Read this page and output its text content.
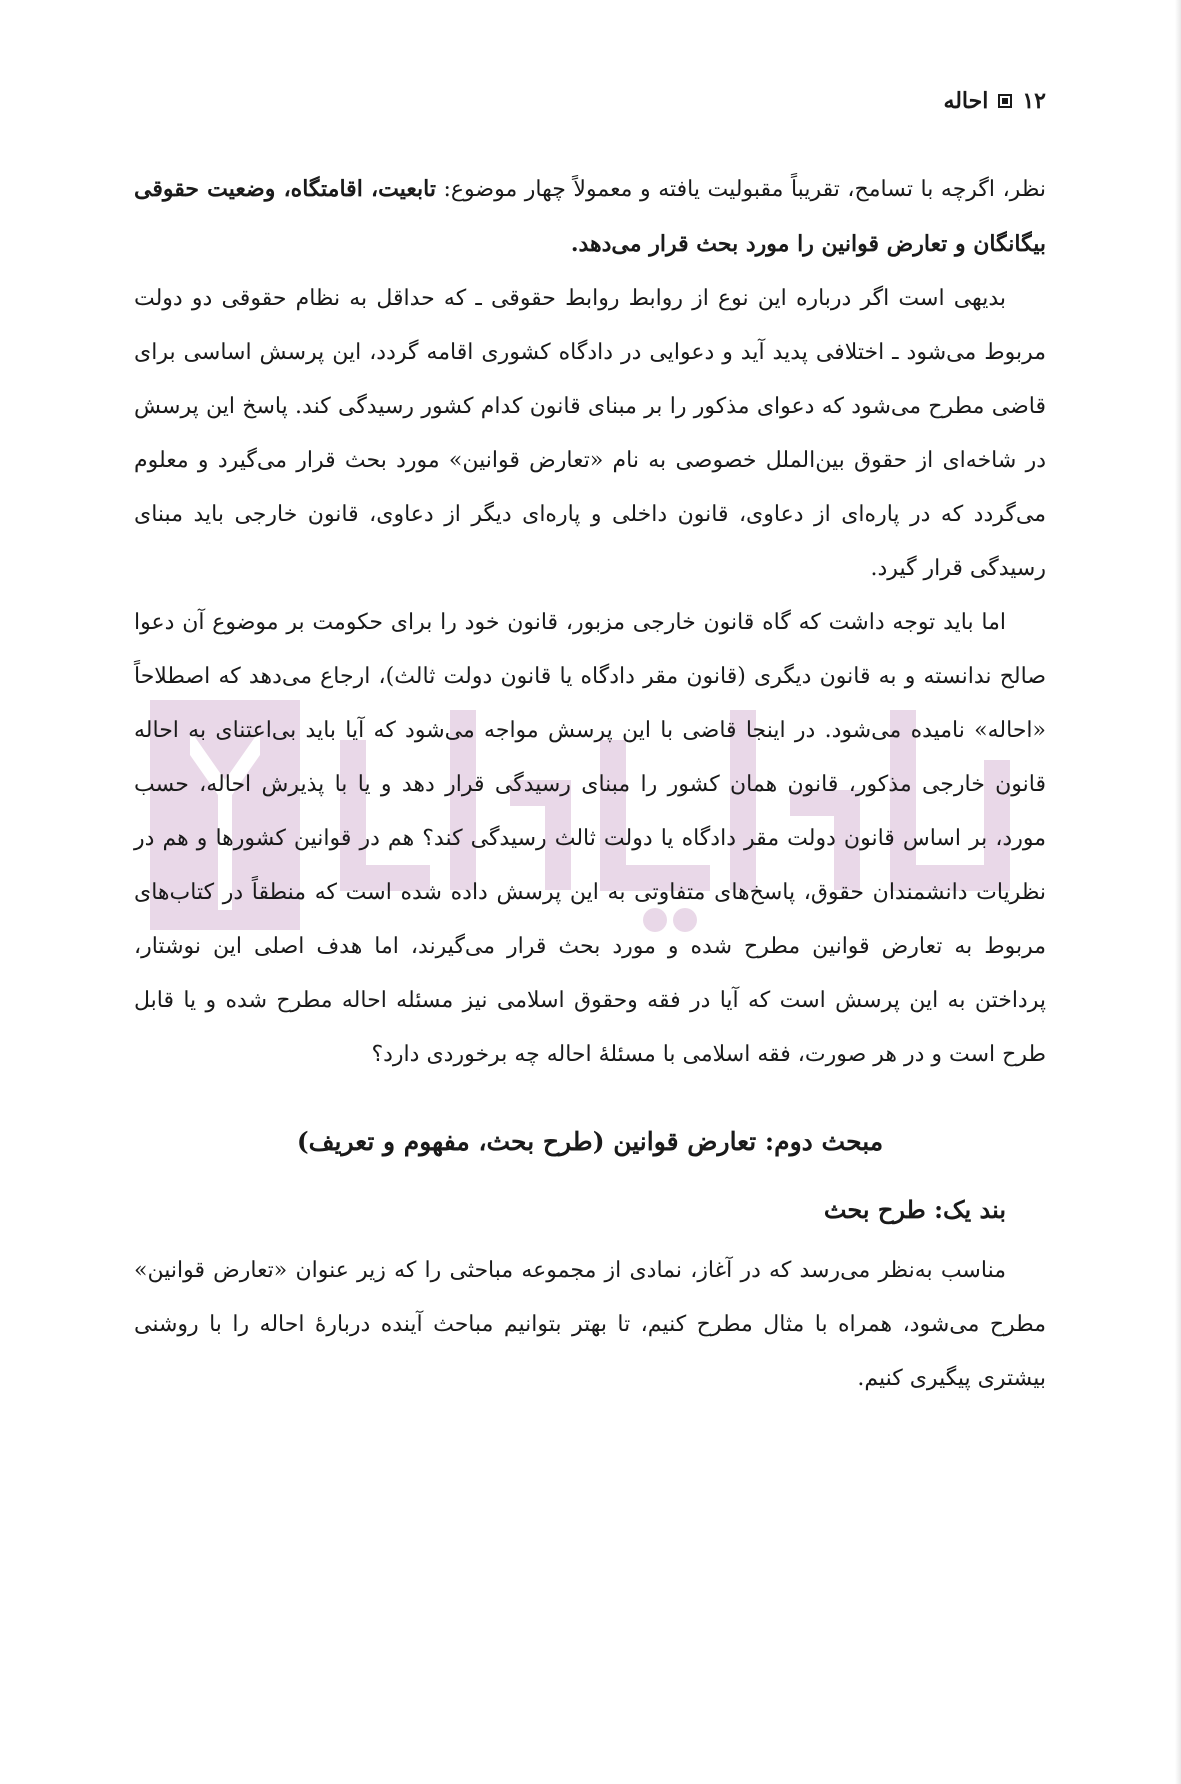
۱۲
احاله

نظر، اگرچه با تسامح، تقریباً مقبولیت یافته و معمولاً چهار موضوع: تابعیت، اقامتگاه، وضعیت حقوقی بیگانگان و تعارض قوانین را مورد بحث قرار می‌دهد.

بدیهی است اگر درباره این نوع از روابط روابط حقوقی ـ که حداقل به نظام حقوقی دو دولت مربوط می‌شود ـ اختلافی پدید آید و دعوایی در دادگاه کشوری اقامه گردد، این پرسش اساسی برای قاضی مطرح می‌شود که دعوای مذکور را بر مبنای قانون کدام کشور رسیدگی کند. پاسخ این پرسش در شاخه‌ای از حقوق بین‌الملل خصوصی به نام «تعارض قوانین» مورد بحث قرار می‌گیرد و معلوم می‌گردد که در پاره‌ای از دعاوی، قانون داخلی و پاره‌ای دیگر از دعاوی، قانون خارجی باید مبنای رسیدگی قرار گیرد.

اما باید توجه داشت که گاه قانون خارجی مزبور، قانون خود را برای حکومت بر موضوع آن دعوا صالح ندانسته و به قانون دیگری (قانون مقر دادگاه یا قانون دولت ثالث)، ارجاع می‌دهد که اصطلاحاً «احاله» نامیده می‌شود. در اینجا قاضی با این پرسش مواجه می‌شود که آیا باید بی‌اعتنای به احاله قانون خارجی مذکور، قانون همان کشور را مبنای رسیدگی قرار دهد و یا با پذیرش احاله، حسب مورد، بر اساس قانون دولت مقر دادگاه یا دولت ثالث رسیدگی کند؟ هم در قوانین کشورها و هم در نظریات دانشمندان حقوق، پاسخ‌های متفاوتی به این پرسش داده شده است که منطقاً در کتاب‌های مربوط به تعارض قوانین مطرح شده و مورد بحث قرار می‌گیرند، اما هدف اصلی این نوشتار، پرداختن به این پرسش است که آیا در فقه وحقوق اسلامی نیز مسئله احاله مطرح شده و یا قابل طرح است و در هر صورت، فقه اسلامی با مسئلهٔ احاله چه برخوردی دارد؟

مبحث دوم: تعارض قوانین (طرح بحث، مفهوم و تعریف)
بند یک: طرح بحث

مناسب به‌نظر می‌رسد که در آغاز، نمادی از مجموعه مباحثی را که زیر عنوان «تعارض قوانین» مطرح می‌شود، همراه با مثال مطرح کنیم، تا بهتر بتوانیم مباحث آینده دربارهٔ احاله را با روشنی بیشتری پیگیری کنیم.
